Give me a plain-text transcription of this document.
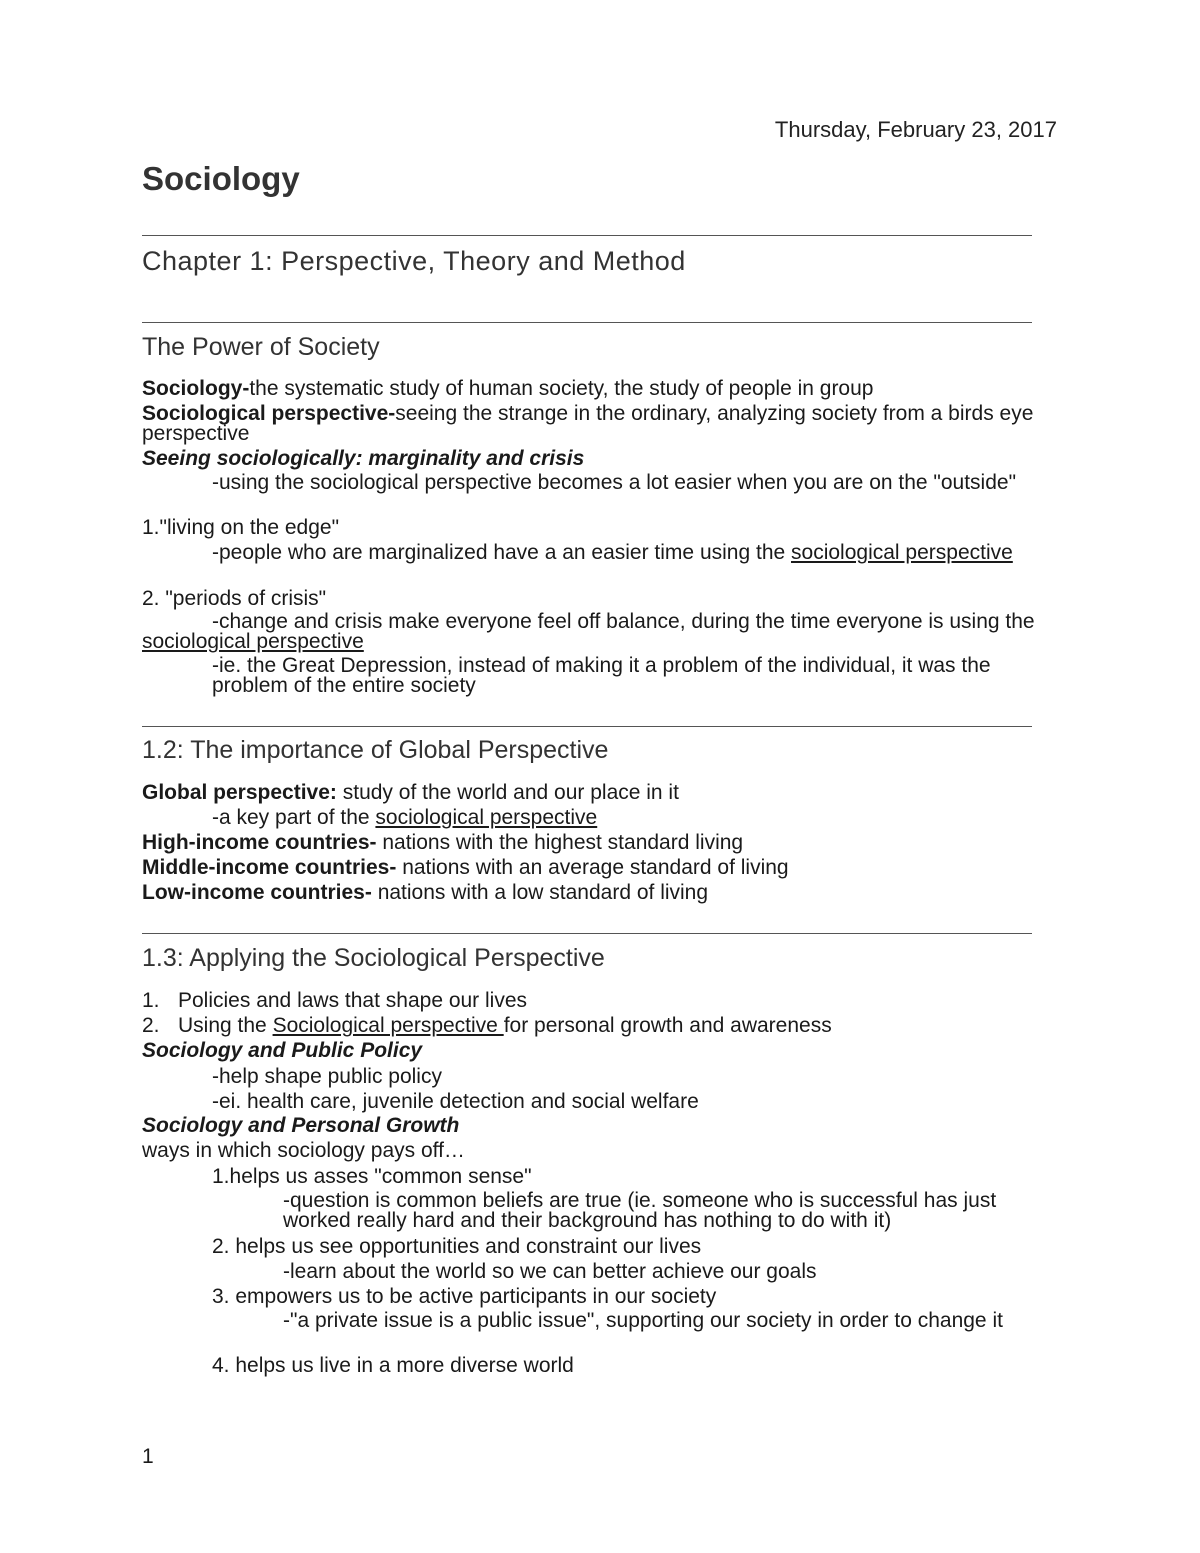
Thursday, February 23, 2017
Sociology
Chapter 1: Perspective, Theory and Method
The Power of Society
Sociology-the systematic study of human society, the study of people in group
Sociological perspective-seeing the strange in the ordinary, analyzing society from a birds eye perspective
Seeing sociologically: marginality and crisis
-using the sociological perspective becomes a lot easier when you are on the "outside"
1."living on the edge"
-people who are marginalized have a an easier time using the sociological perspective
2. "periods of crisis"
-change and crisis make everyone feel off balance, during the time everyone is using the sociological perspective
-ie. the Great Depression, instead of making it a problem of the individual, it was the problem of the entire society
1.2: The importance of Global Perspective
Global perspective: study of the world and our place in it
-a key part of the sociological perspective
High-income countries- nations with the highest standard living
Middle-income countries- nations with an average standard of living
Low-income countries- nations with a low standard of living
1.3: Applying the Sociological Perspective
1. Policies and laws that shape our lives
2. Using the Sociological perspective for personal growth and awareness
Sociology and Public Policy
-help shape public policy
-ei. health care, juvenile detection and social welfare
Sociology and Personal Growth
ways in which sociology pays off…
1.helps us asses "common sense"
-question is common beliefs are true (ie. someone who is successful has just worked really hard and their background has nothing to do with it)
2. helps us see opportunities and constraint our lives
-learn about the world so we can better achieve our goals
3. empowers us to be active participants in our society
-"a private issue is a public issue", supporting our society in order to change it
4. helps us live in a more diverse world
1
